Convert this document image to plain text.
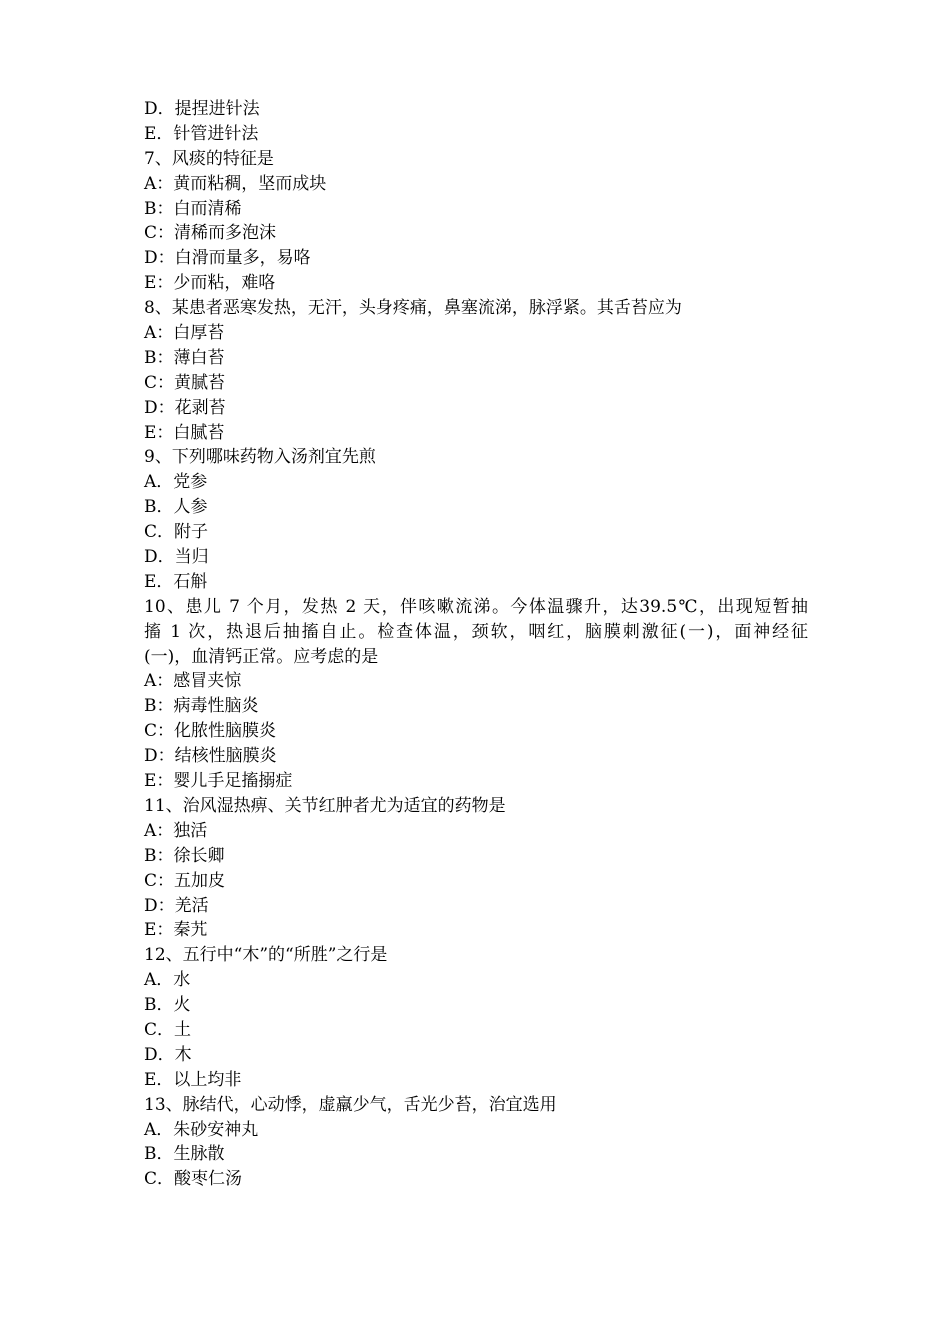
D．提捏进针法
E．针管进针法
7、风痰的特征是
A：黄而粘稠，坚而成块
B：白而清稀
C：清稀而多泡沫
D：白滑而量多，易咯
E：少而粘，难咯
8、某患者恶寒发热，无汗，头身疼痛，鼻塞流涕，脉浮紧。其舌苔应为
A：白厚苔
B：薄白苔
C：黄腻苔
D：花剥苔
E：白腻苔
9、下列哪味药物入汤剂宜先煎
A．党参
B．人参
C．附子
D．当归
E．石斛
10、患儿 7 个月，发热 2 天，伴咳嗽流涕。今体温骤升，达39.5℃，出现短暂抽
搐 1 次，热退后抽搐自止。检查体温，颈软，咽红，脑膜刺激征(一)，面神经征
(一)，血清钙正常。应考虑的是
A：感冒夹惊
B：病毒性脑炎
C：化脓性脑膜炎
D：结核性脑膜炎
E：婴儿手足搐搦症
11、治风湿热痹、关节红肿者尤为适宜的药物是
A：独活
B：徐长卿
C：五加皮
D：羌活
E：秦艽
12、五行中“木”的“所胜”之行是
A．水
B．火
C．土
D．木
E．以上均非
13、脉结代，心动悸，虚羸少气，舌光少苔，治宜选用
A．朱砂安神丸
B．生脉散
C．酸枣仁汤
